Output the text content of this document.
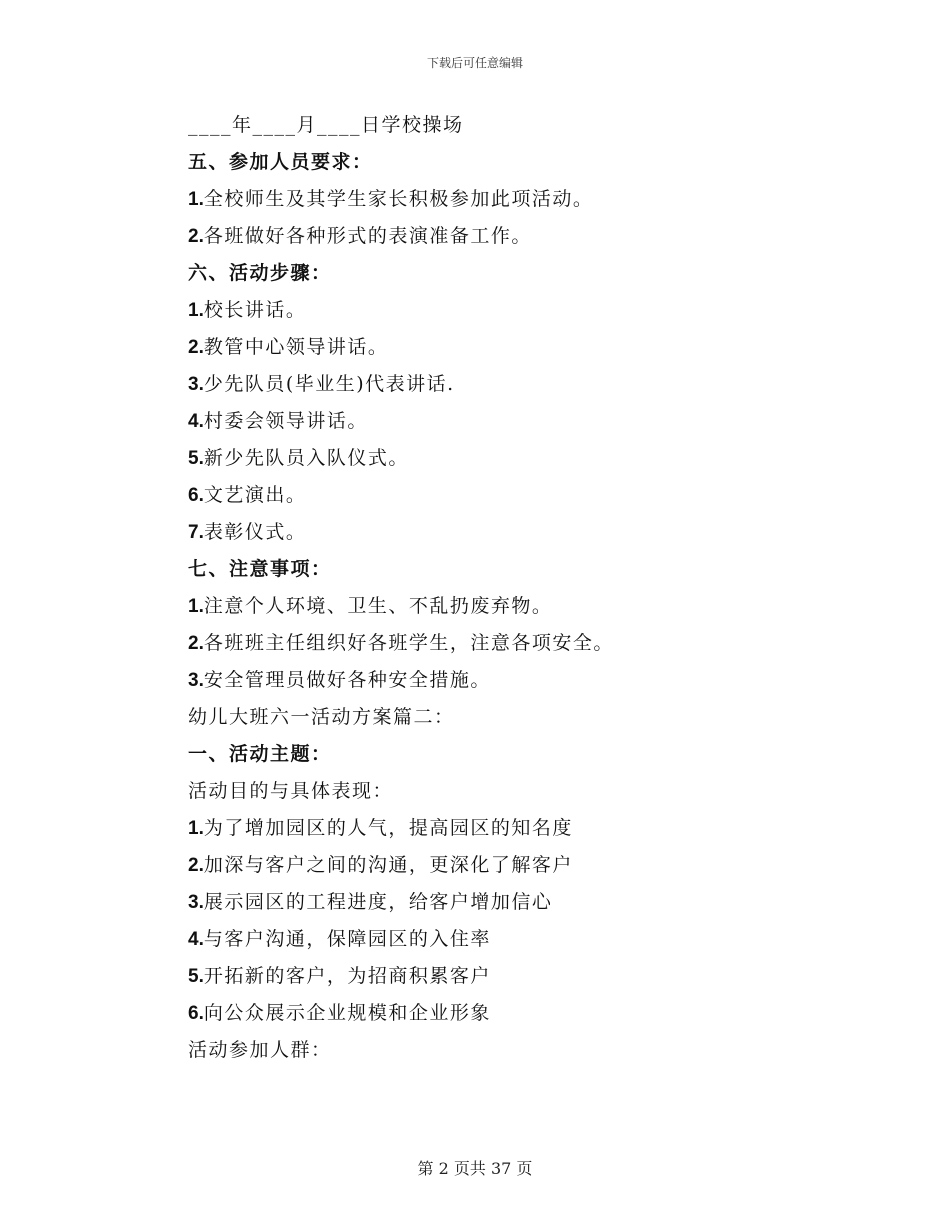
下载后可任意编辑
____年____月____日学校操场
五、参加人员要求：
1.全校师生及其学生家长积极参加此项活动。
2.各班做好各种形式的表演准备工作。
六、活动步骤：
1.校长讲话。
2.教管中心领导讲话。
3.少先队员(毕业生)代表讲话.
4.村委会领导讲话。
5.新少先队员入队仪式。
6.文艺演出。
7.表彰仪式。
七、注意事项：
1.注意个人环境、卫生、不乱扔废弃物。
2.各班班主任组织好各班学生，注意各项安全。
3.安全管理员做好各种安全措施。
幼儿大班六一活动方案篇二：
一、活动主题：
活动目的与具体表现：
1.为了增加园区的人气，提高园区的知名度
2.加深与客户之间的沟通，更深化了解客户
3.展示园区的工程进度，给客户增加信心
4.与客户沟通，保障园区的入住率
5.开拓新的客户，为招商积累客户
6.向公众展示企业规模和企业形象
活动参加人群：
第 2 页共 37 页
